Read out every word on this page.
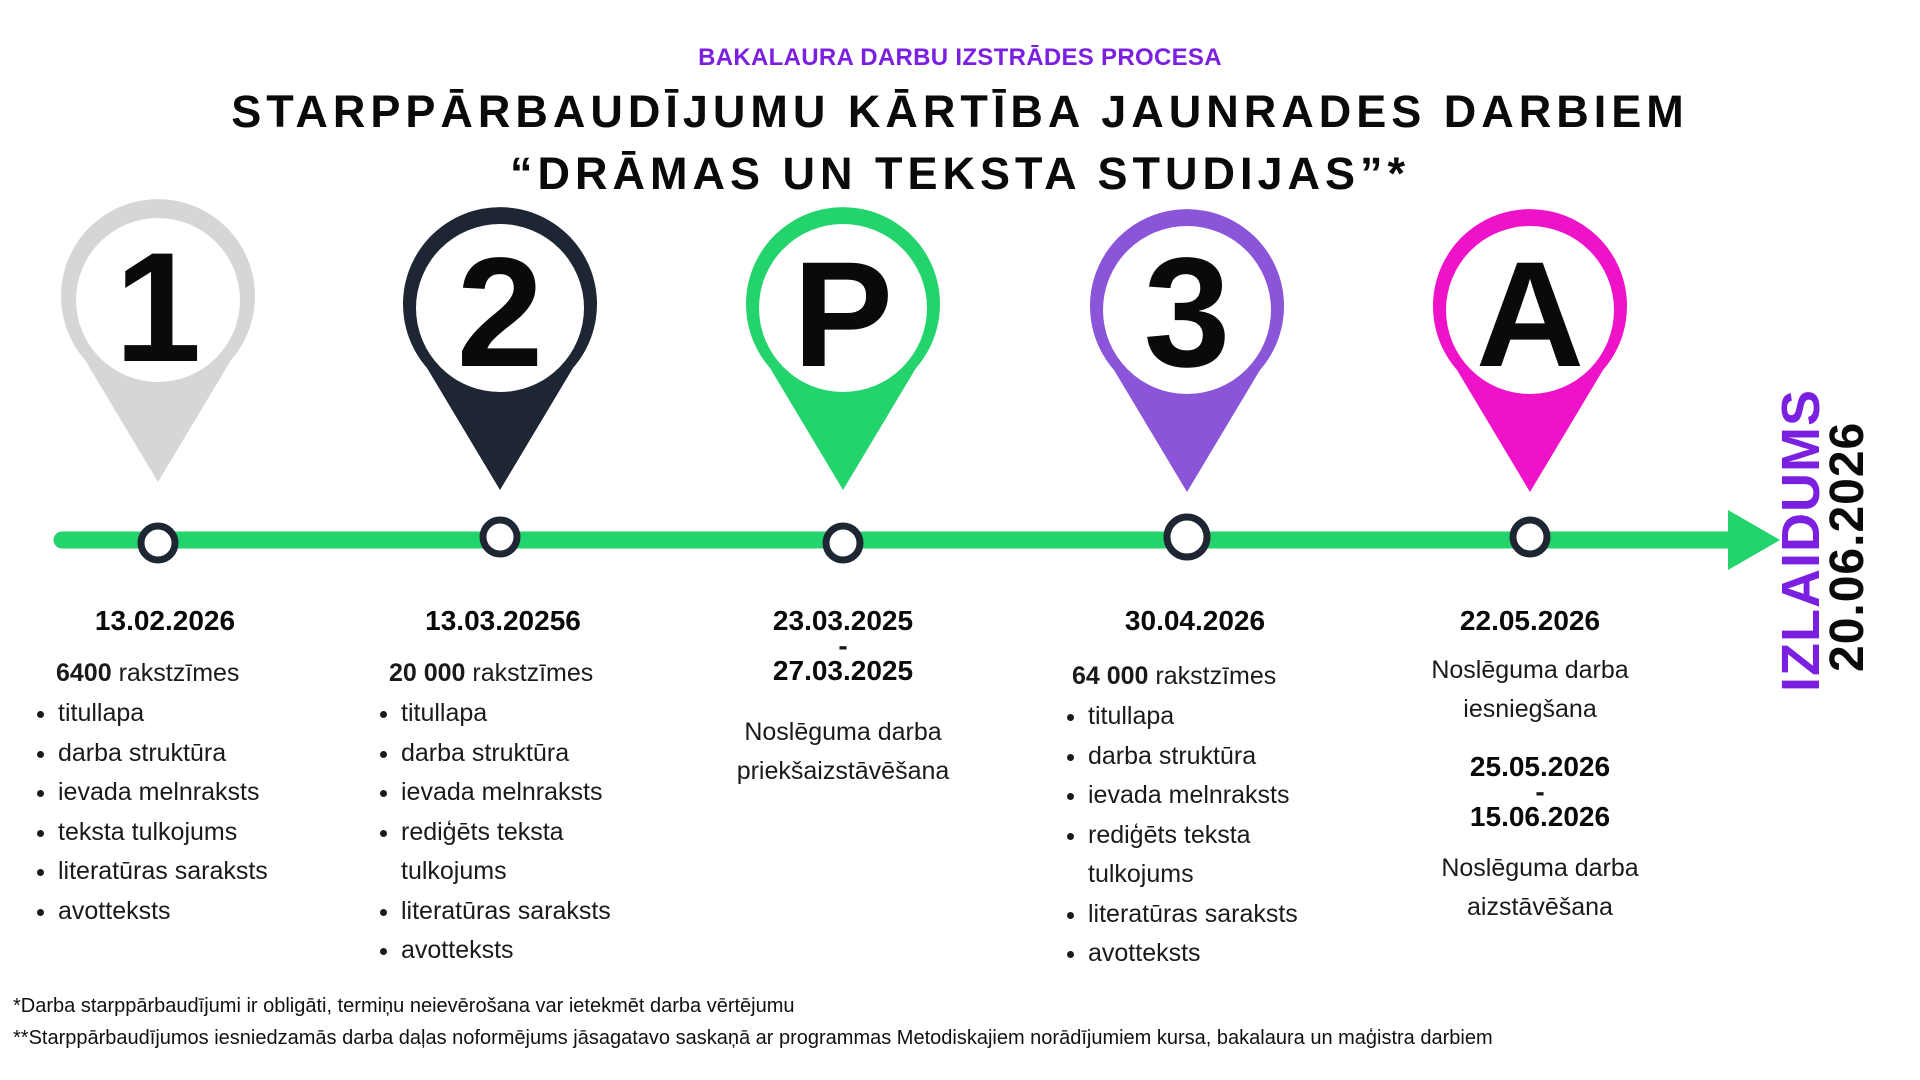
BAKALAURA DARBU IZSTRĀDES PROCESA
STARPPĀRBAUDĪJUMU KĀRTĪBA JAUNRADES DARBIEM
“DRĀMAS UN TEKSTA STUDIJAS”*
1 2 P 3 A
13.02.2026
6400 rakstzīmes
• titullapa
• darba struktūra
• ievada melnraksts
• teksta tulkojums
• literatūras saraksts
• avotteksts
13.03.20256
20 000 rakstzīmes
• titullapa
• darba struktūra
• ievada melnraksts
• rediģēts teksta tulkojums
• literatūras saraksts
• avotteksts
23.03.2025
-
27.03.2025
Noslēguma darba
priekšaizstāvēšana
30.04.2026
64 000 rakstzīmes
• titullapa
• darba struktūra
• ievada melnraksts
• rediģēts teksta tulkojums
• literatūras saraksts
• avotteksts
22.05.2026
Noslēguma darba
iesniegšana
25.05.2026
-
15.06.2026
Noslēguma darba
aizstāvēšana
IZLAIDUMS
20.06.2026
*Darba starppārbaudījumi ir obligāti, termiņu neievērošana var ietekmēt darba vērtējumu
**Starppārbaudījumos iesniedzamās darba daļas noformējums jāsagatavo saskaņā ar programmas Metodiskajiem norādījumiem kursa, bakalaura un maģistra darbiem
